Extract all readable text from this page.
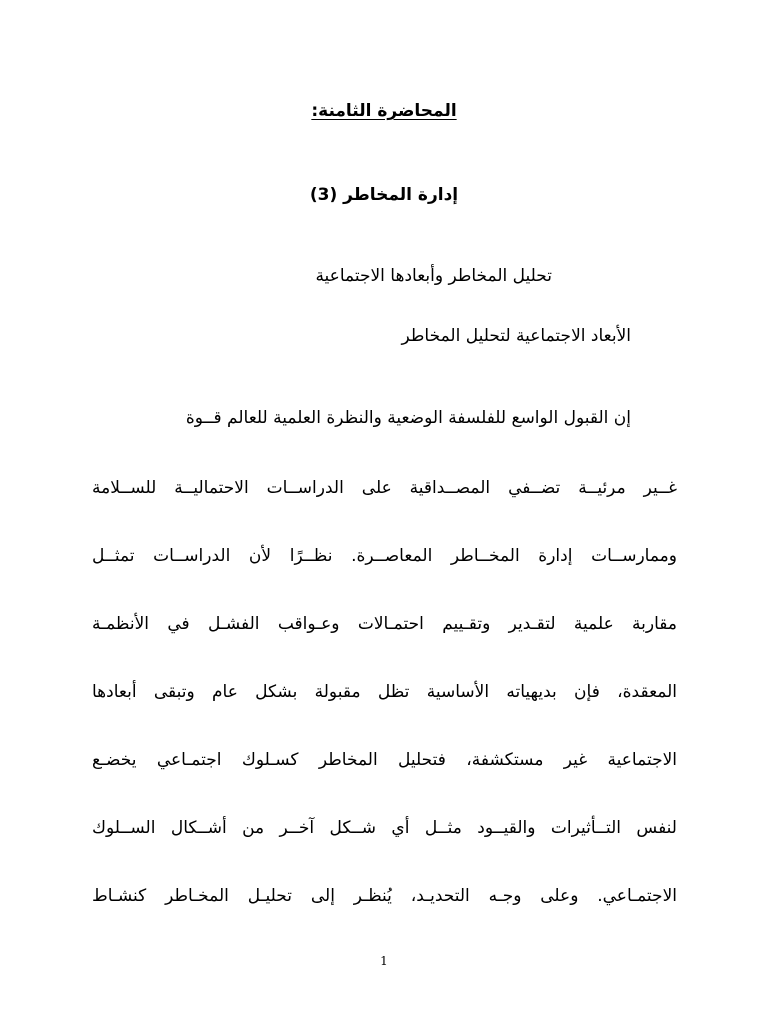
المحاضرة الثامنة:

إدارة المخاطر (3)

تحليل المخاطر وأبعادها الاجتماعية

الأبعاد الاجتماعية لتحليل المخاطر

إن القبول الواسع للفلسفة الوضعية والنظرة العلمية للعالم قــوة

غــير مرئيــة تضــفي المصــداقية على الدراســات الاحتماليــة للســلامة

وممارســات إدارة المخــاطر المعاصــرة. نظــرًا لأن الدراســات تمثــل

مقاربة علمية لتقـدير وتقـييم احتمـالات وعـواقب الفشـل في الأنظمـة

المعقدة، فإن بديهياته الأساسية تظل مقبولة بشكل عام وتبقى أبعادها

الاجتماعية غير مستكشفة، فتحليل المخاطر كسـلوك اجتمـاعي يخضـع

لنفس التــأثيرات والقيــود مثــل أي شــكل آخــر من أشــكال الســلوك

الاجتمـاعي. وعلى وجـه التحديـد، يُنظـر إلى تحليـل المخـاطر كنشـاط

1
